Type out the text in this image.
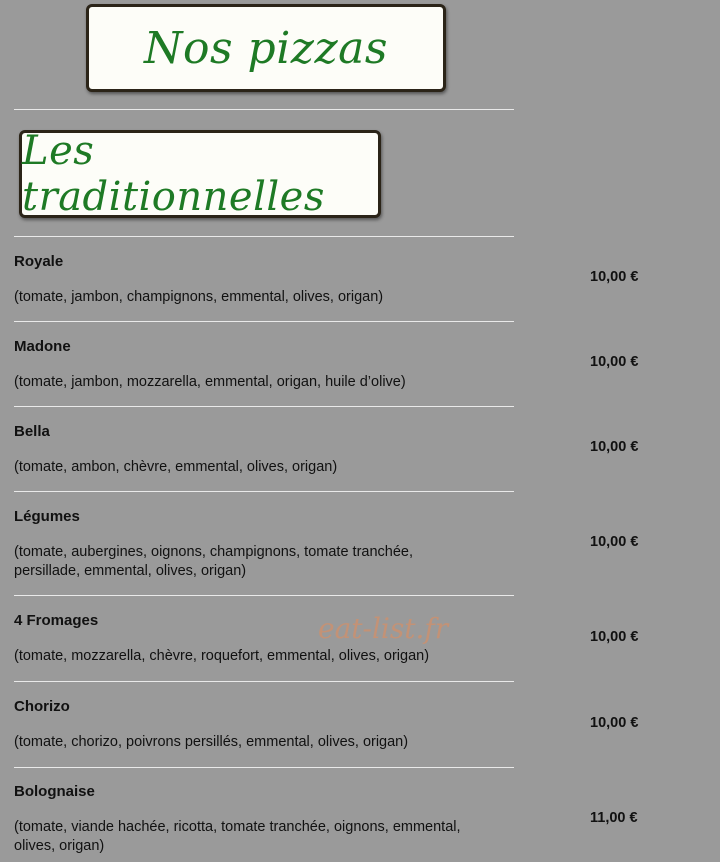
Nos pizzas
Les traditionnelles
Royale
(tomate, jambon, champignons, emmental, olives, origan)
10,00 €
Madone
(tomate, jambon, mozzarella, emmental, origan, huile d’olive)
10,00 €
Bella
(tomate, ambon, chèvre, emmental, olives, origan)
10,00 €
Légumes
(tomate, aubergines, oignons, champignons, tomate tranchée, persillade, emmental, olives, origan)
10,00 €
4 Fromages
(tomate, mozzarella, chèvre, roquefort, emmental, olives, origan)
10,00 €
Chorizo
(tomate, chorizo, poivrons persillés, emmental, olives, origan)
10,00 €
Bolognaise
(tomate, viande hachée, ricotta, tomate tranchée, oignons, emmental, olives, origan)
11,00 €
eat-list.fr
